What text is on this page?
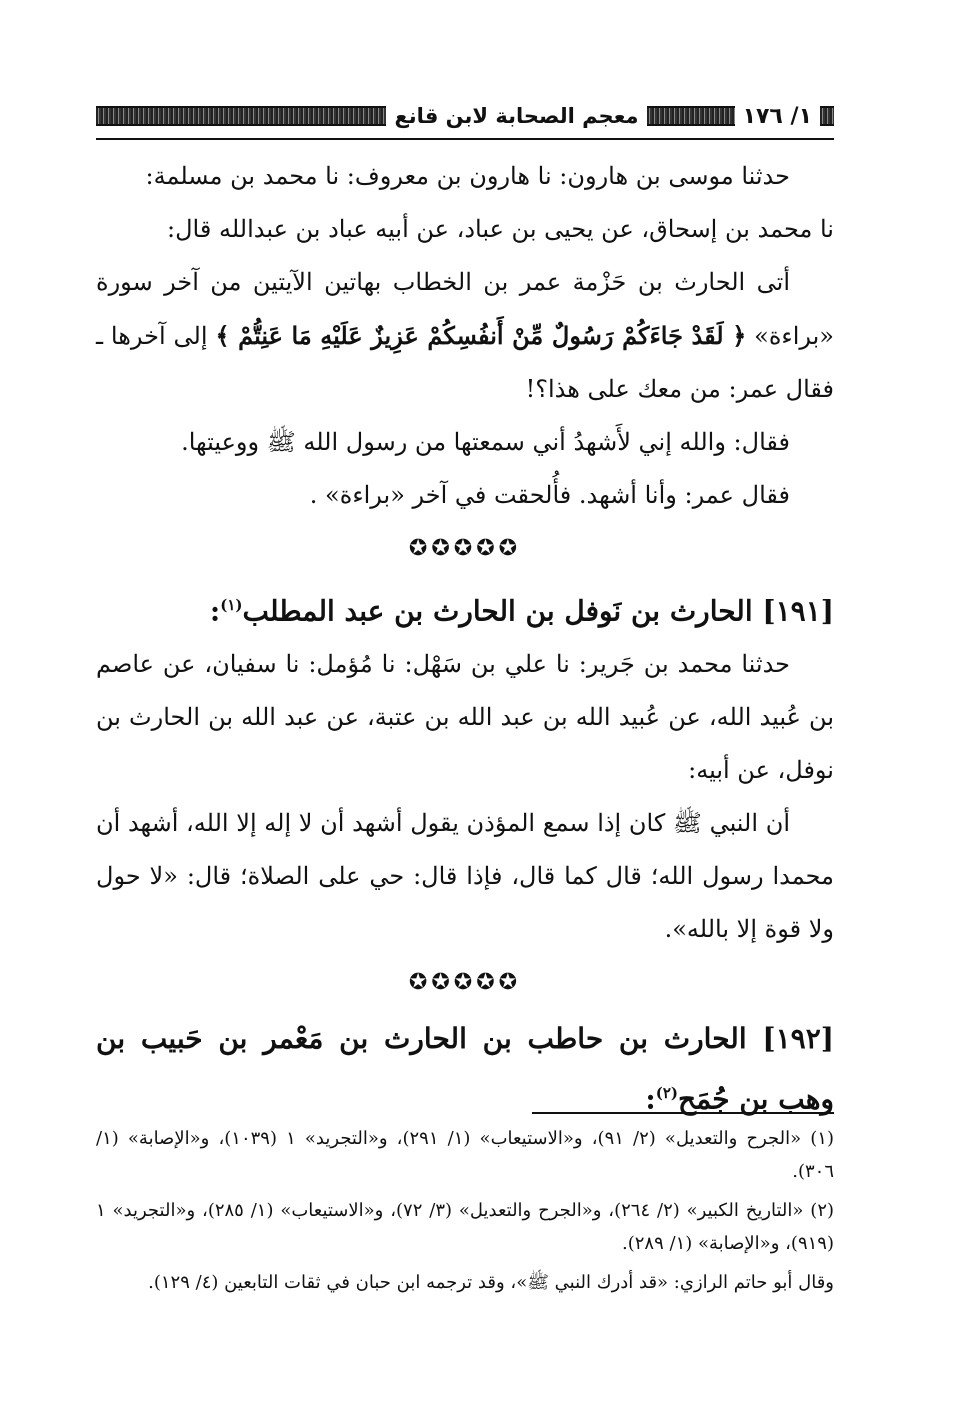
١/ ١٧٦
معجم الصحابة لابن قانع

حدثنا موسى بن هارون: نا هارون بن معروف: نا محمد بن مسلمة:

نا محمد بن إسحاق، عن يحيى بن عباد، عن أبيه عباد بن عبدالله قال:

أتى الحارث بن حَزْمة عمر بن الخطاب بهاتين الآيتين من آخر سورة «براءة» ﴿ لَقَدْ جَاءَكُمْ رَسُولٌ مِّنْ أَنفُسِكُمْ عَزِيزٌ عَلَيْهِ مَا عَنِتُّمْ ﴾ إلى آخرها ـ فقال عمر: من معك على هذا؟!

فقال: والله إني لأَشهدُ أني سمعتها من رسول الله ﷺ ووعيتها.

فقال عمر: وأنا أشهد. فأُلحقت في آخر «براءة» .

✪✪✪✪✪

[١٩١] الحارث بن نَوفل بن الحارث بن عبد المطلب$^{(١)}$:

حدثنا محمد بن جَرير: نا علي بن سَهْل: نا مُؤمل: نا سفيان، عن عاصم بن عُبيد الله، عن عُبيد الله بن عبد الله بن عتبة، عن عبد الله بن الحارث بن نوفل، عن أبيه:

أن النبي ﷺ كان إذا سمع المؤذن يقول أشهد أن لا إله إلا الله، أشهد أن محمدا رسول الله؛ قال كما قال، فإذا قال: حي على الصلاة؛ قال: «لا حول ولا قوة إلا بالله».

✪✪✪✪✪

[١٩٢] الحارث بن حاطب بن الحارث بن مَعْمر بن حَبيب بن وهب بن جُمَح$^{(٢)}$:

(١) «الجرح والتعديل» (٢/ ٩١)، و«الاستيعاب» (١/ ٢٩١)، و«التجريد» ١ (١٠٣٩)، و«الإصابة» (١/ ٣٠٦).

(٢) «التاريخ الكبير» (٢/ ٢٦٤)، و«الجرح والتعديل» (٣/ ٧٢)، و«الاستيعاب» (١/ ٢٨٥)، و«التجريد» ١ (٩١٩)، و«الإصابة» (١/ ٢٨٩).

وقال أبو حاتم الرازي: «قد أدرك النبي ﷺ»، وقد ترجمه ابن حبان في ثقات التابعين (٤/ ١٢٩).
